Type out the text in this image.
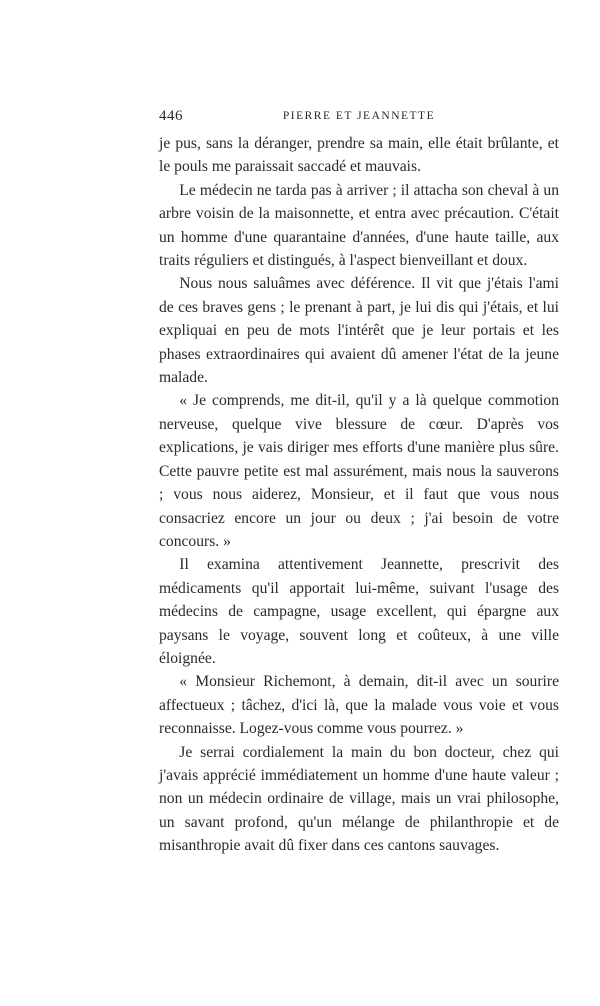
446	PIERRE ET JEANNETTE

je pus, sans la déranger, prendre sa main, elle était brûlante, et le pouls me paraissait saccadé et mauvais.

Le médecin ne tarda pas à arriver ; il attacha son cheval à un arbre voisin de la maisonnette, et entra avec précaution. C'était un homme d'une quarantaine d'années, d'une haute taille, aux traits réguliers et distingués, à l'aspect bienveillant et doux.

Nous nous saluâmes avec déférence. Il vit que j'étais l'ami de ces braves gens ; le prenant à part, je lui dis qui j'étais, et lui expliquai en peu de mots l'intérêt que je leur portais et les phases extraordinaires qui avaient dû amener l'état de la jeune malade.

« Je comprends, me dit-il, qu'il y a là quelque commotion nerveuse, quelque vive blessure de cœur. D'après vos explications, je vais diriger mes efforts d'une manière plus sûre. Cette pauvre petite est mal assurément, mais nous la sauverons ; vous nous aiderez, Monsieur, et il faut que vous nous consacriez encore un jour ou deux ; j'ai besoin de votre concours. »

Il examina attentivement Jeannette, prescrivit des médicaments qu'il apportait lui-même, suivant l'usage des médecins de campagne, usage excellent, qui épargne aux paysans le voyage, souvent long et coûteux, à une ville éloignée.

« Monsieur Richemont, à demain, dit-il avec un sourire affectueux ; tâchez, d'ici là, que la malade vous voie et vous reconnaisse. Logez-vous comme vous pourrez. »

Je serrai cordialement la main du bon docteur, chez qui j'avais apprécié immédiatement un homme d'une haute valeur ; non un médecin ordinaire de village, mais un vrai philosophe, un savant profond, qu'un mélange de philanthropie et de misanthropie avait dû fixer dans ces cantons sauvages.
